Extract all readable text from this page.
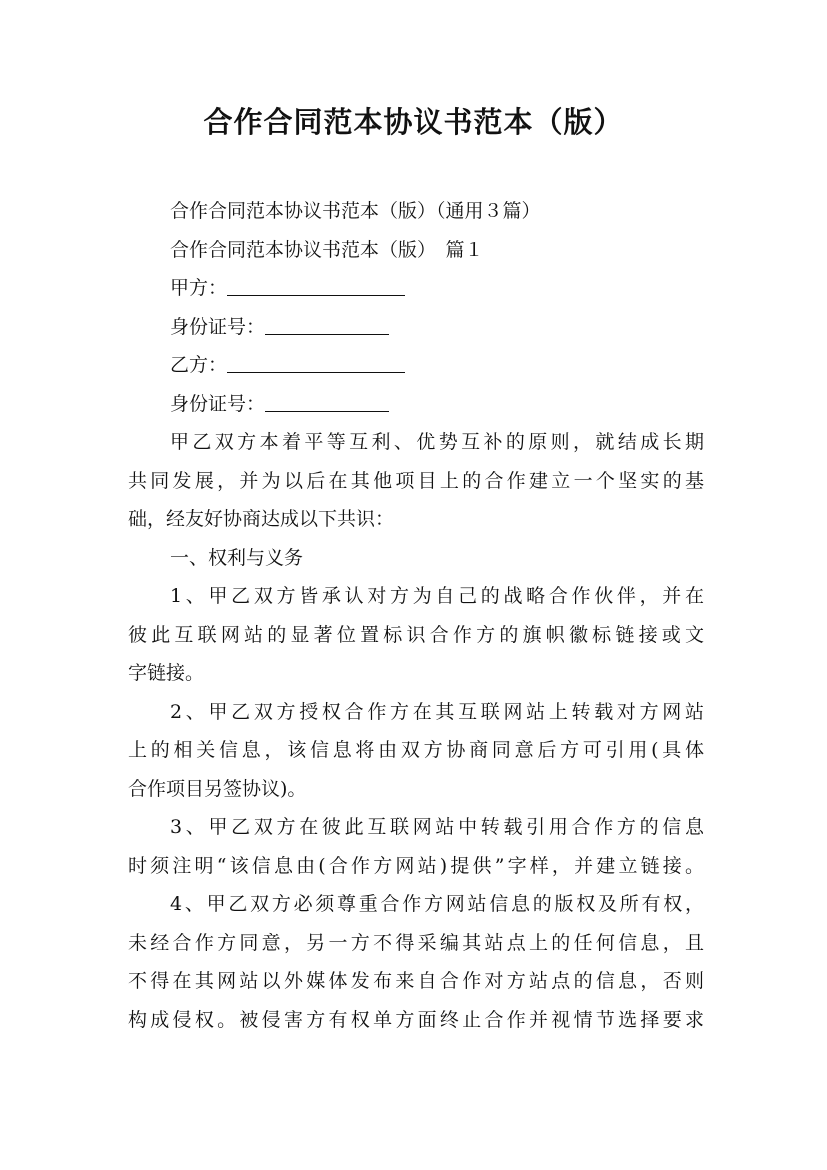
合作合同范本协议书范本（版）

合作合同范本协议书范本（版）（通用３篇）

合作合同范本协议书范本（版）　篇１

甲方：

身份证号：

乙方：

身份证号：

甲乙双方本着平等互利、优势互补的原则，就结成长期

共同发展，并为以后在其他项目上的合作建立一个坚实的基

础，经友好协商达成以下共识：

一、权利与义务

1、甲乙双方皆承认对方为自己的战略合作伙伴，并在

彼此互联网站的显著位置标识合作方的旗帜徽标链接或文

字链接。

2、甲乙双方授权合作方在其互联网站上转载对方网站

上的相关信息，该信息将由双方协商同意后方可引用(具体

合作项目另签协议)。

3、甲乙双方在彼此互联网站中转载引用合作方的信息

时须注明“该信息由(合作方网站)提供”字样，并建立链接。

4、甲乙双方必须尊重合作方网站信息的版权及所有权，

未经合作方同意，另一方不得采编其站点上的任何信息，且

不得在其网站以外媒体发布来自合作对方站点的信息，否则

构成侵权。被侵害方有权单方面终止合作并视情节选择要求
